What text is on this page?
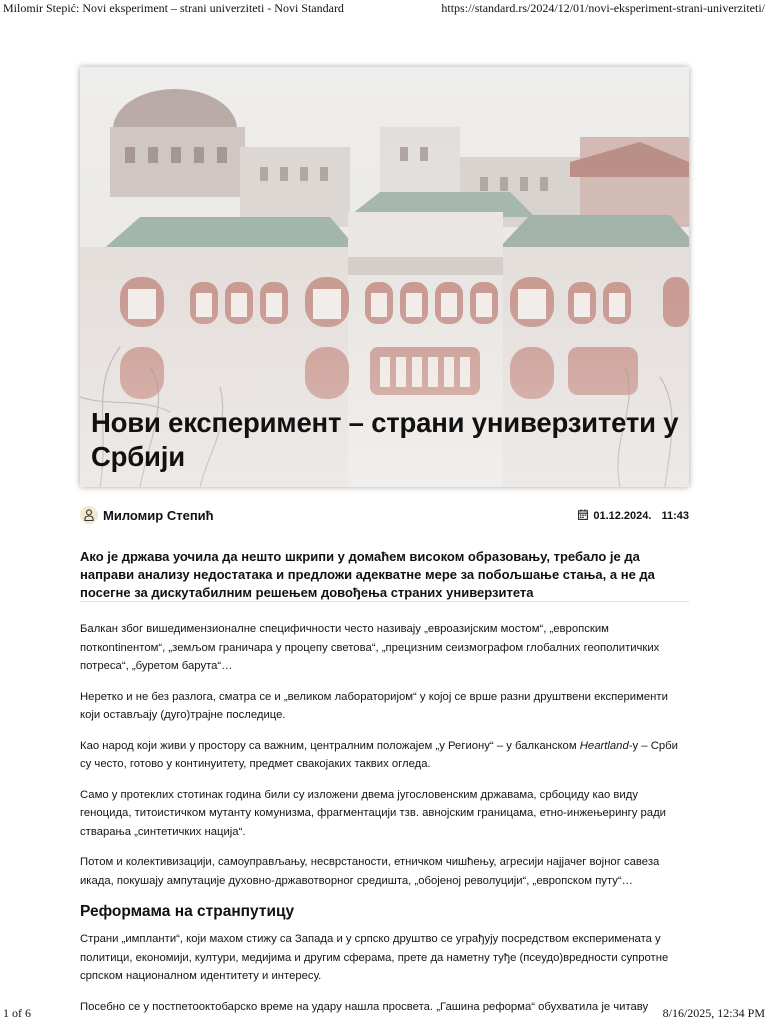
Milomir Stepić: Novi eksperiment – strani univerziteti - Novi Standard	https://standard.rs/2024/12/01/novi-eksperiment-strani-univerziteti/
Нови експеримент – страни универзитети у Србији
Миломир Степић	01.12.2024. 11:43
Ако је држава уочила да нешто шкрипи у домаћем високом образовању, требало је да направи анализу недостатака и предложи адекватне мере за побољшање стања, а не да посегне за дискутабилним решењем довођења страних универзитета

Балкан због вишедимензионалне специфичности често називају „евроазијским мостом“, „европским поткontinентом“, „земљом граничара у процепу светова“, „прецизним сеизмографом глобалних геополитичких потреса“, „буретом барута“…

Неретко и не без разлога, сматра се и „великом лабораторијом“ у којој се врше разни друштвени експерименти који остављају (дуго)трајне последице.

Кao народ који живи у простору са важним, централним положајем „у Региону“ – у балканском Heartland-у – Срби су често, готово у континуитету, предмет свакојаких таквих огледа.

Само у протеклих стотинак година били су изложени двема југословенским државама, србоциду као виду геноцида, титоистичком мутанту комунизма, фрагментацији тзв. авнојским границама, етно-инжењерингу ради стварања „синтетичких нација“.

Потом и колективизацији, самоуправљању, несврстаности, етничком чишћењу, агресији најјачег војног савеза икада, покушају ампутације духовно-државотворног средишта, „обојеној револуцији“, „европском путу“…

Реформама на странпутицу

Страни „импланти“, који махом стижу са Запада и у српско друштво се уграђују посредством експеримената у политици, економији, култури, медијима и другим сферама, прете да наметну туђе (псеудо)вредности супротне српском националном идентитету и интересу.

Посебно се у постпетооктобарско време на удару нашла просвета. „Гашина реформа“ обухватила је читаву

1 of 6	8/16/2025, 12:34 PM
